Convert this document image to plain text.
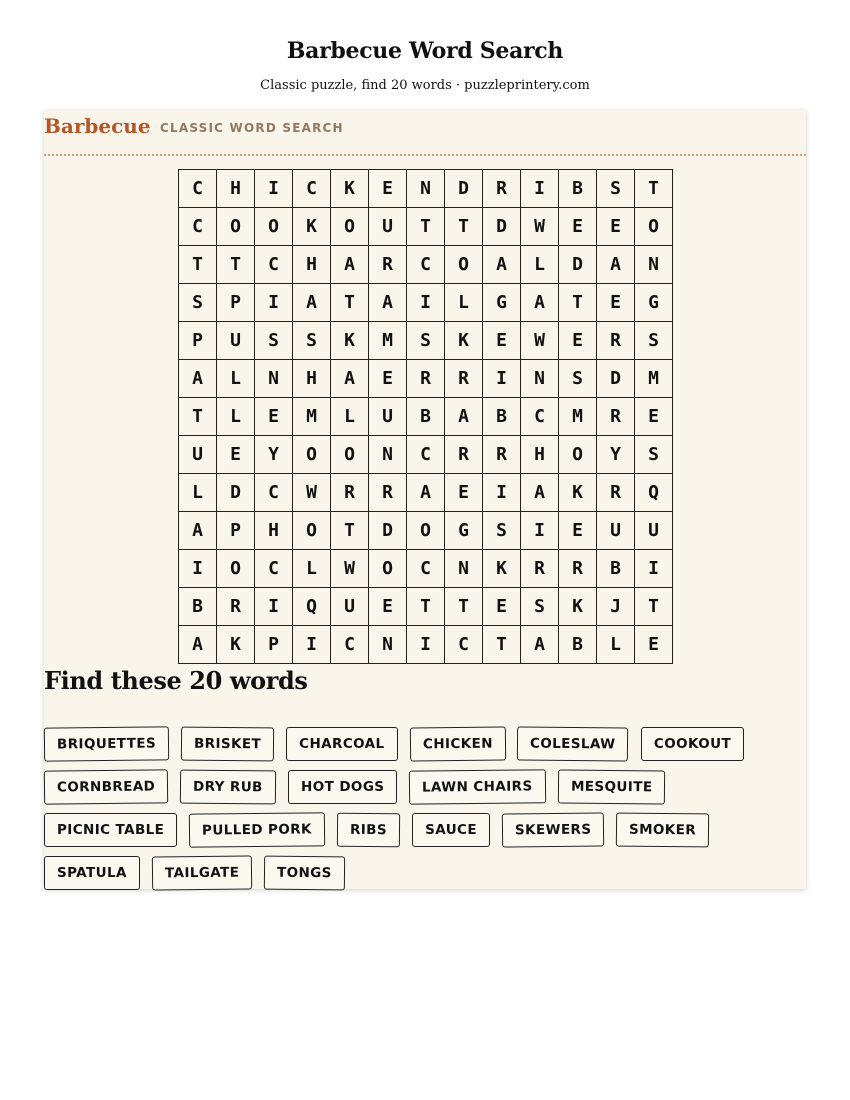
Barbecue Word Search
Classic puzzle, find 20 words · puzzleprintery.com
Barbecue CLASSIC WORD SEARCH
C	H	I	C	K	E	N	D	R	I	B	S	T
C	O	O	K	O	U	T	T	D	W	E	E	O
T	T	C	H	A	R	C	O	A	L	D	A	N
S	P	I	A	T	A	I	L	G	A	T	E	G
P	U	S	S	K	M	S	K	E	W	E	R	S
A	L	N	H	A	E	R	R	I	N	S	D	M
T	L	E	M	L	U	B	A	B	C	M	R	E
U	E	Y	O	O	N	C	R	R	H	O	Y	S
L	D	C	W	R	R	A	E	I	A	K	R	Q
A	P	H	O	T	D	O	G	S	I	E	U	U
I	O	C	L	W	O	C	N	K	R	R	B	I
B	R	I	Q	U	E	T	T	E	S	K	J	T
A	K	P	I	C	N	I	C	T	A	B	L	E
Find these 20 words
BRIQUETTES	BRISKET	CHARCOAL	CHICKEN	COLESLAW	COOKOUT
CORNBREAD	DRY RUB	HOT DOGS	LAWN CHAIRS	MESQUITE
PICNIC TABLE	PULLED PORK	RIBS	SAUCE	SKEWERS	SMOKER
SPATULA	TAILGATE	TONGS
